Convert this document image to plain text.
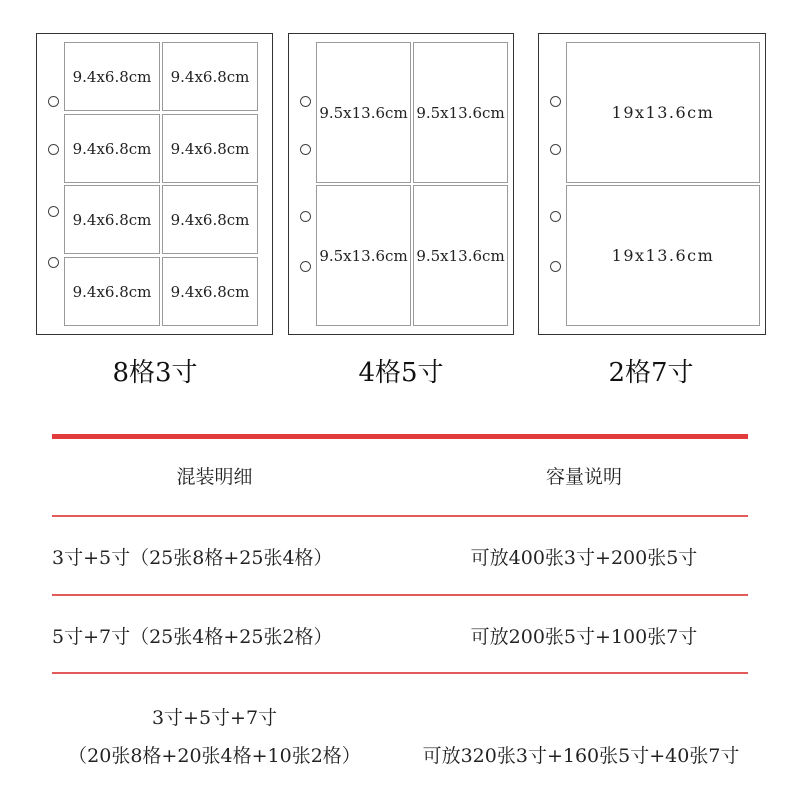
9.4x6.8cm	9.4x6.8cm
9.4x6.8cm	9.4x6.8cm
9.4x6.8cm	9.4x6.8cm
9.4x6.8cm	9.4x6.8cm
8格3寸
9.5x13.6cm 9.5x13.6cm
9.5x13.6cm 9.5x13.6cm
4格5寸
19x13.6cm
19x13.6cm
2格7寸
混装明细	容量说明
3寸+5寸（25张8格+25张4格）	可放400张3寸+200张5寸
5寸+7寸（25张4格+25张2格）	可放200张5寸+100张7寸
3寸+5寸+7寸
（20张8格+20张4格+10张2格）	可放320张3寸+160张5寸+40张7寸
